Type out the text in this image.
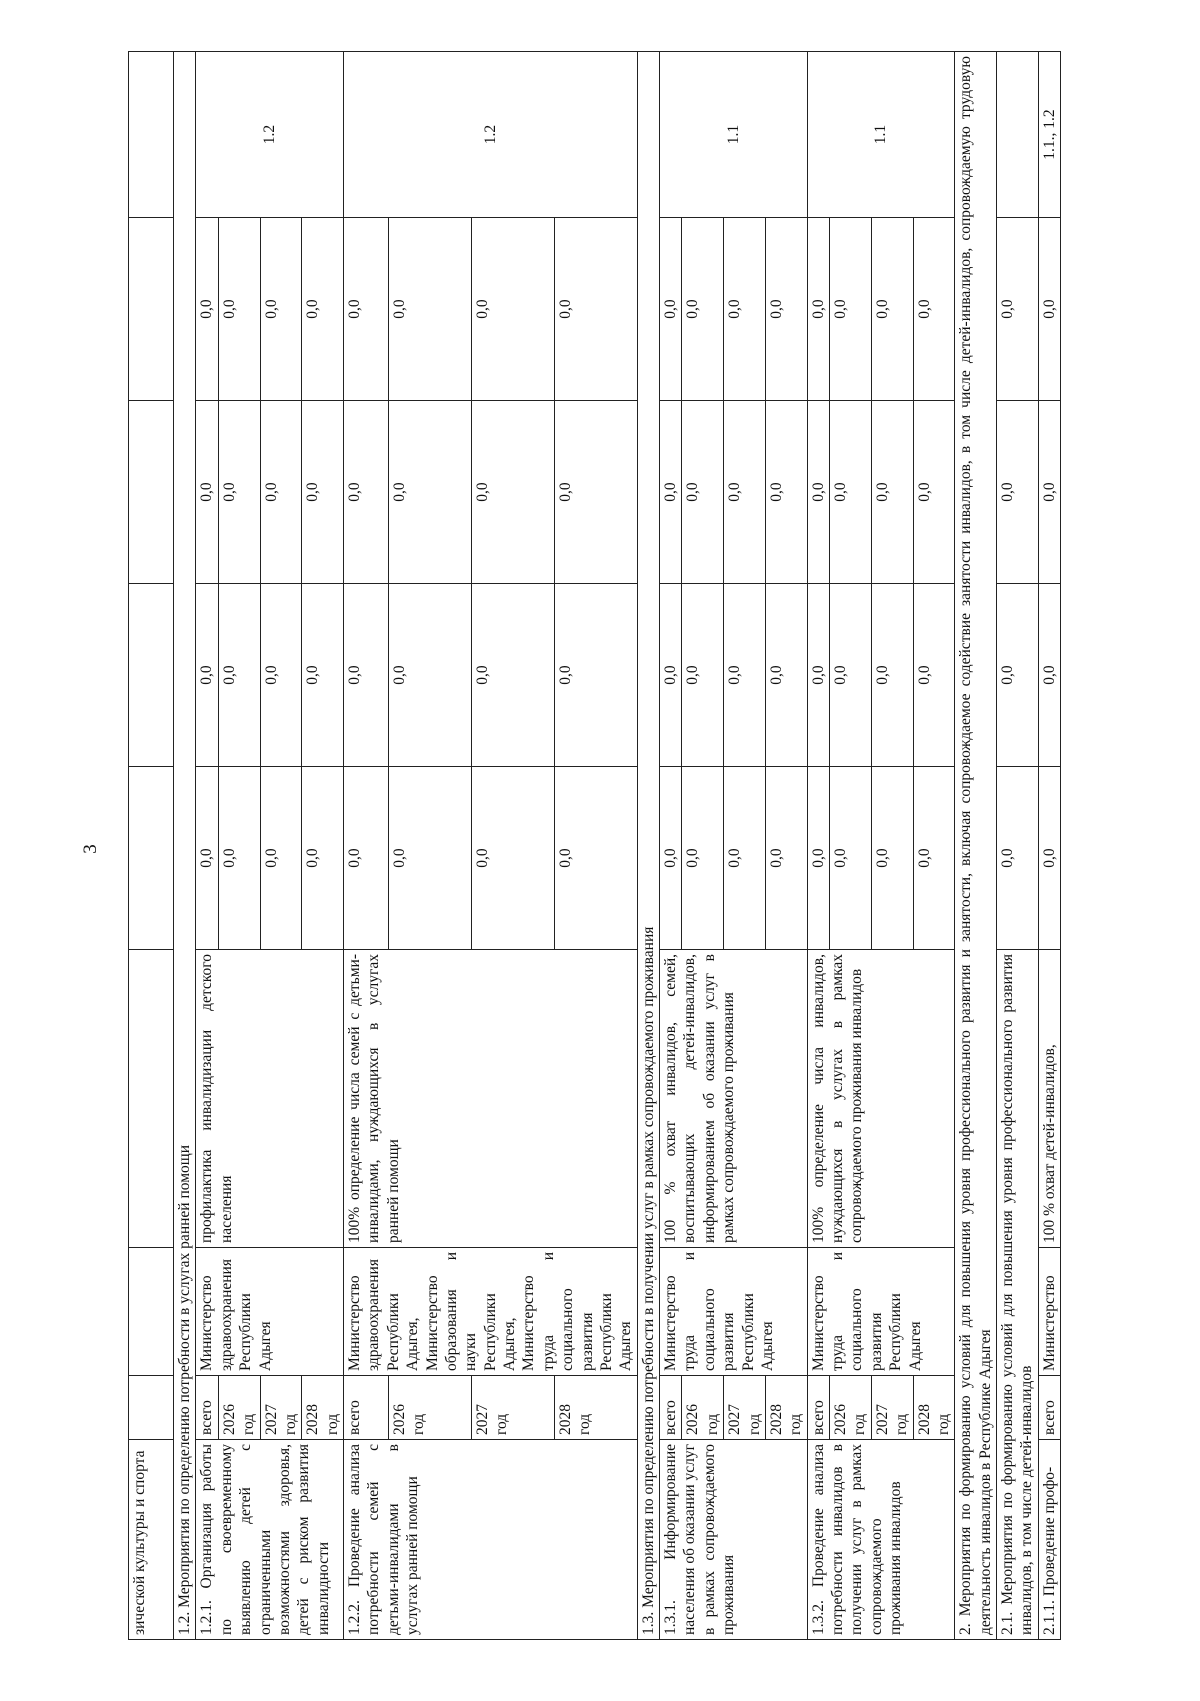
3
зической культуры и спорта								
1.2. Мероприятия по определению потребности в услугах ранней помощи								
1.2.1. Организация работы по своевременному выявлению детей с ограниченными возможностями здоровья, детей с риском развития инвалидности	всего	Министерство здравоохранения Республики Адыгея	профилактика инвалидизации детского населения	0,0	0,0	0,0	0,0	1.2
	2026 год			0,0	0,0	0,0	0,0	
	2027 год			0,0	0,0	0,0	0,0	
	2028 год			0,0	0,0	0,0	0,0	
1.2.2. Проведение анализа потребности семей с детьми-инвалидами в услугах ранней помощи	всего	Министерство здравоохранения Республики Адыгея, Министерство образования и науки Республики Адыгея, Министерство труда и социального развития Республики Адыгея	100% определение числа семей с детьми-инвалидами, нуждающихся в услугах ранней помощи	0,0	0,0	0,0	0,0	1.2
	2026 год			0,0	0,0	0,0	0,0	
	2027 год			0,0	0,0	0,0	0,0	
	2028 год			0,0	0,0	0,0	0,0	
1.3. Мероприятия по определению потребности в получении услуг в рамках сопровождаемого проживания								
1.3.1. Информирование населения об оказании услуг в рамках сопровождаемого проживания	всего	Министерство труда и социального развития Республики Адыгея	100 % охват инвалидов, семей, воспитывающих детей-инвалидов, информированием об оказании услуг в рамках сопровождаемого проживания	0,0	0,0	0,0	0,0	1.1
	2026 год			0,0	0,0	0,0	0,0	
	2027 год			0,0	0,0	0,0	0,0	
	2028 год			0,0	0,0	0,0	0,0	
1.3.2. Проведение анализа потребности инвалидов в получении услуг в рамках сопровождаемого проживания инвалидов	всего	Министерство труда и социального развития Республики Адыгея	100% определение числа инвалидов, нуждающихся в услугах в рамках сопровождаемого проживания инвалидов	0,0	0,0	0,0	0,0	1.1
	2026 год			0,0	0,0	0,0	0,0	
	2027 год			0,0	0,0	0,0	0,0	
	2028 год			0,0	0,0	0,0	0,0	
2. Мероприятия по формированию условий для повышения уровня профессионального развития и занятости, включая сопровождаемое содействие занятости инвалидов, в том числе детей-инвалидов, сопровождаемую трудовую деятельность инвалидов в Республике Адыгея								
2.1. Мероприятия по формированию условий для повышения уровня профессионального развития инвалидов, в том числе детей-инвалидов				0,0	0,0	0,0	0,0	
2.1.1. Проведение профо-	всего	Министерство	100 % охват детей-инвалидов,	0,0	0,0	0,0	0,0	1.1., 1.2
